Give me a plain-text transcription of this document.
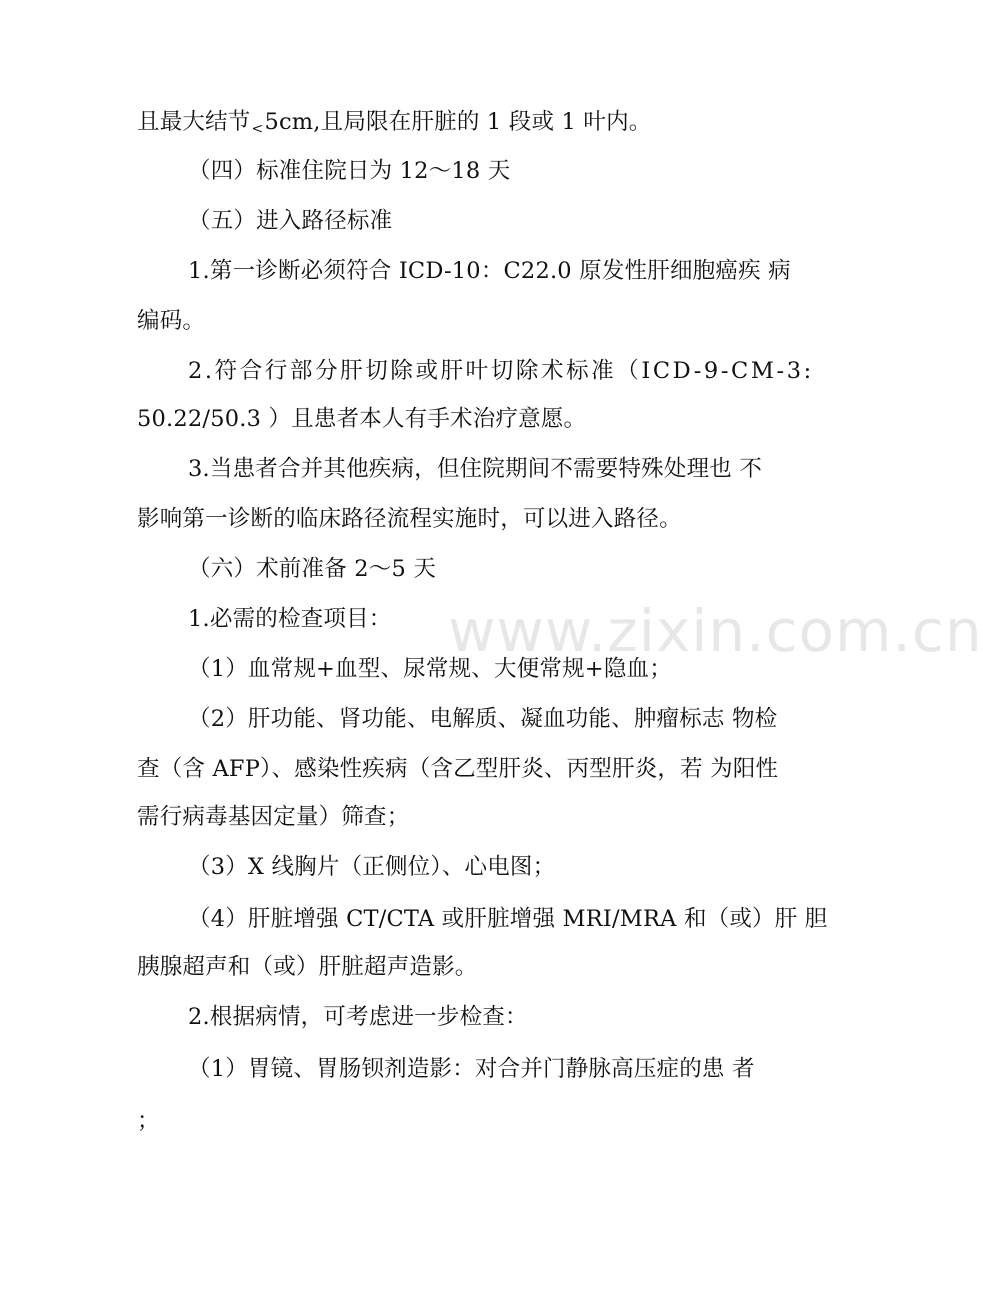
且最大结节<5cm,且局限在肝脏的 1 段或 1 叶内。
（四）标准住院日为 12～18 天
（五）进入路径标准
1.第一诊断必须符合 ICD-10：C22.0 原发性肝细胞癌疾 病
编码。
2.符合行部分肝切除或肝叶切除术标准（ICD-9-CM-3:
50.22/50.3 ）且患者本人有手术治疗意愿。
3.当患者合并其他疾病，但住院期间不需要特殊处理也 不
影响第一诊断的临床路径流程实施时，可以进入路径。
（六）术前准备 2～5 天
1.必需的检查项目：
（1）血常规+血型、尿常规、大便常规+隐血；
（2）肝功能、肾功能、电解质、凝血功能、肿瘤标志 物检
查（含 AFP）、感染性疾病（含乙型肝炎、丙型肝炎，若 为阳性
需行病毒基因定量）筛查；
（3）X 线胸片（正侧位）、心电图；
（4）肝脏增强 CT/CTA 或肝脏增强 MRI/MRA 和（或）肝 胆
胰腺超声和（或）肝脏超声造影。
2.根据病情，可考虑进一步检查：
（1）胃镜、胃肠钡剂造影：对合并门静脉高压症的患 者
；
www.zixin.com.cn
